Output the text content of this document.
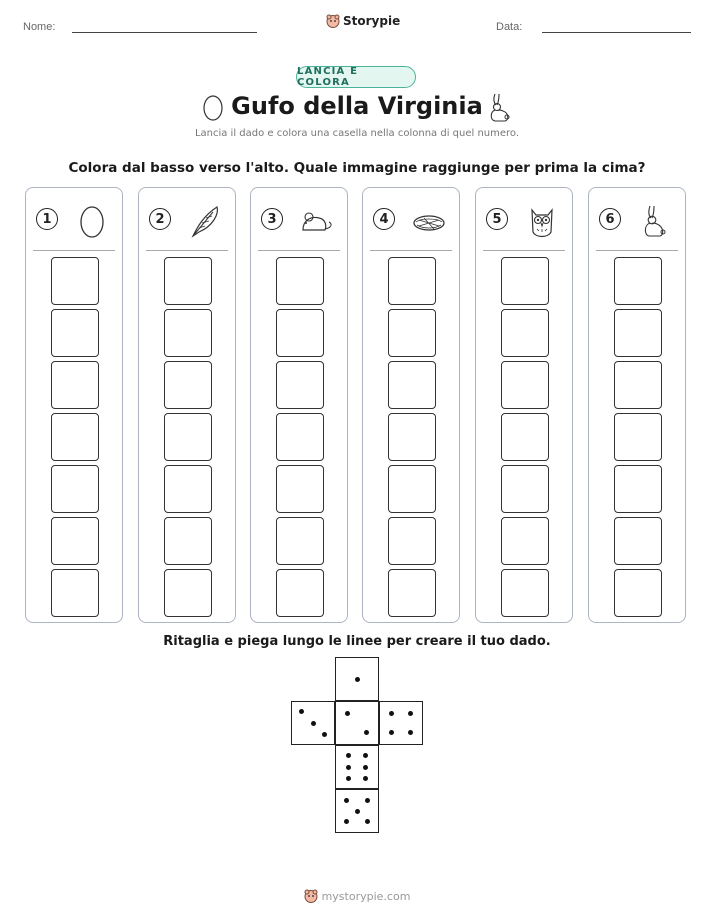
Nome:	Storypie	Data:
LANCIA E COLORA
Gufo della Virginia
Lancia il dado e colora una casella nella colonna di quel numero.
Colora dal basso verso l'alto. Quale immagine raggiunge per prima la cima?
1	2	3	4	5	6
Ritaglia e piega lungo le linee per creare il tuo dado.
mystorypie.com
